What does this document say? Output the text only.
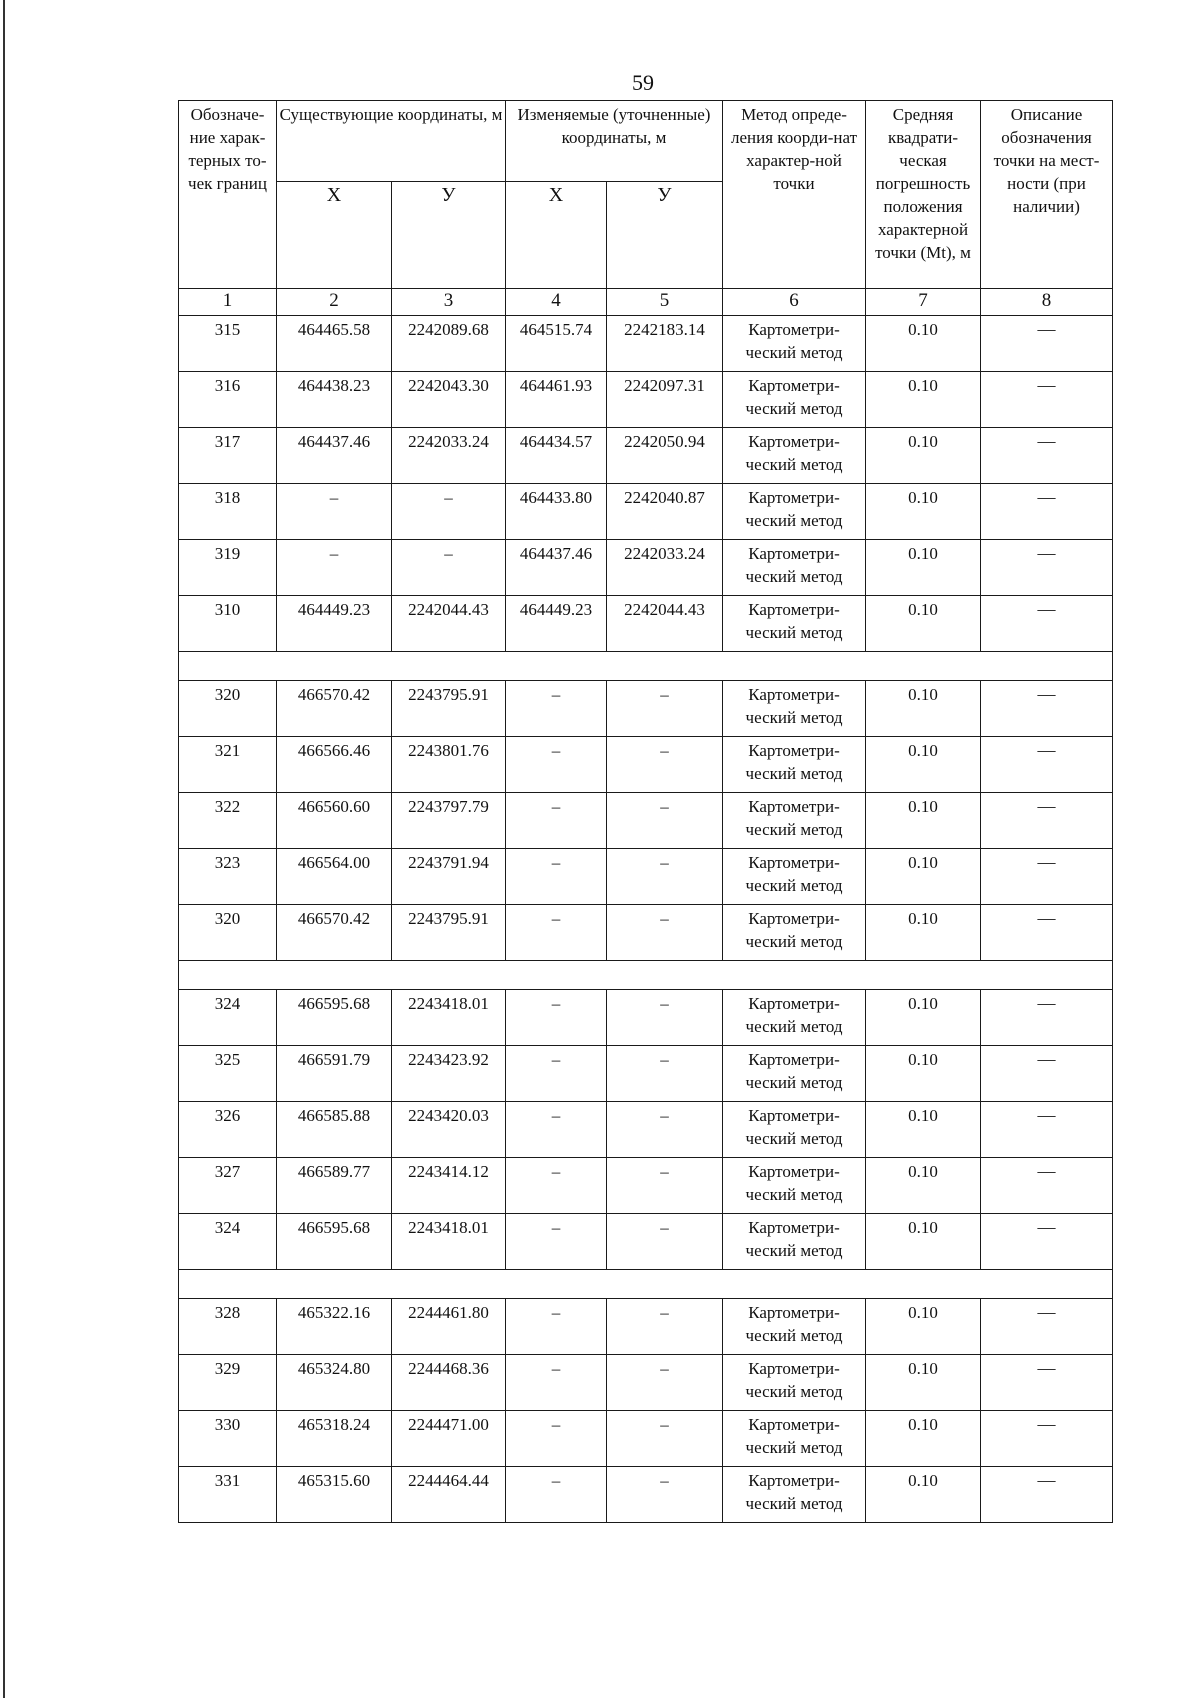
59
Обозначе-ние харак-терных то-чек границ	Существующие координаты, м		Изменяемые (уточненные) координаты, м		Метод опреде-ления коорди-нат характер-ной точки	Средняя квадрати-ческая погрешность положения характерной точки (Mt), м	Описание обозначения точки на мест-ности (при наличии)
	Х	У	Х	У			
1	2	3	4	5	6	7	8
315	464465.58	2242089.68	464515.74	2242183.14	Картометри-ческий метод	0.10	—
316	464438.23	2242043.30	464461.93	2242097.31	Картометри-ческий метод	0.10	—
317	464437.46	2242033.24	464434.57	2242050.94	Картометри-ческий метод	0.10	—
318	–	–	464433.80	2242040.87	Картометри-ческий метод	0.10	—
319	–	–	464437.46	2242033.24	Картометри-ческий метод	0.10	—
310	464449.23	2242044.43	464449.23	2242044.43	Картометри-ческий метод	0.10	—

320	466570.42	2243795.91	–	–	Картометри-ческий метод	0.10	—
321	466566.46	2243801.76	–	–	Картометри-ческий метод	0.10	—
322	466560.60	2243797.79	–	–	Картометри-ческий метод	0.10	—
323	466564.00	2243791.94	–	–	Картометри-ческий метод	0.10	—
320	466570.42	2243795.91	–	–	Картометри-ческий метод	0.10	—

324	466595.68	2243418.01	–	–	Картометри-ческий метод	0.10	—
325	466591.79	2243423.92	–	–	Картометри-ческий метод	0.10	—
326	466585.88	2243420.03	–	–	Картометри-ческий метод	0.10	—
327	466589.77	2243414.12	–	–	Картометри-ческий метод	0.10	—
324	466595.68	2243418.01	–	–	Картометри-ческий метод	0.10	—

328	465322.16	2244461.80	–	–	Картометри-ческий метод	0.10	—
329	465324.80	2244468.36	–	–	Картометри-ческий метод	0.10	—
330	465318.24	2244471.00	–	–	Картометри-ческий метод	0.10	—
331	465315.60	2244464.44	–	–	Картометри-ческий метод	0.10	—
